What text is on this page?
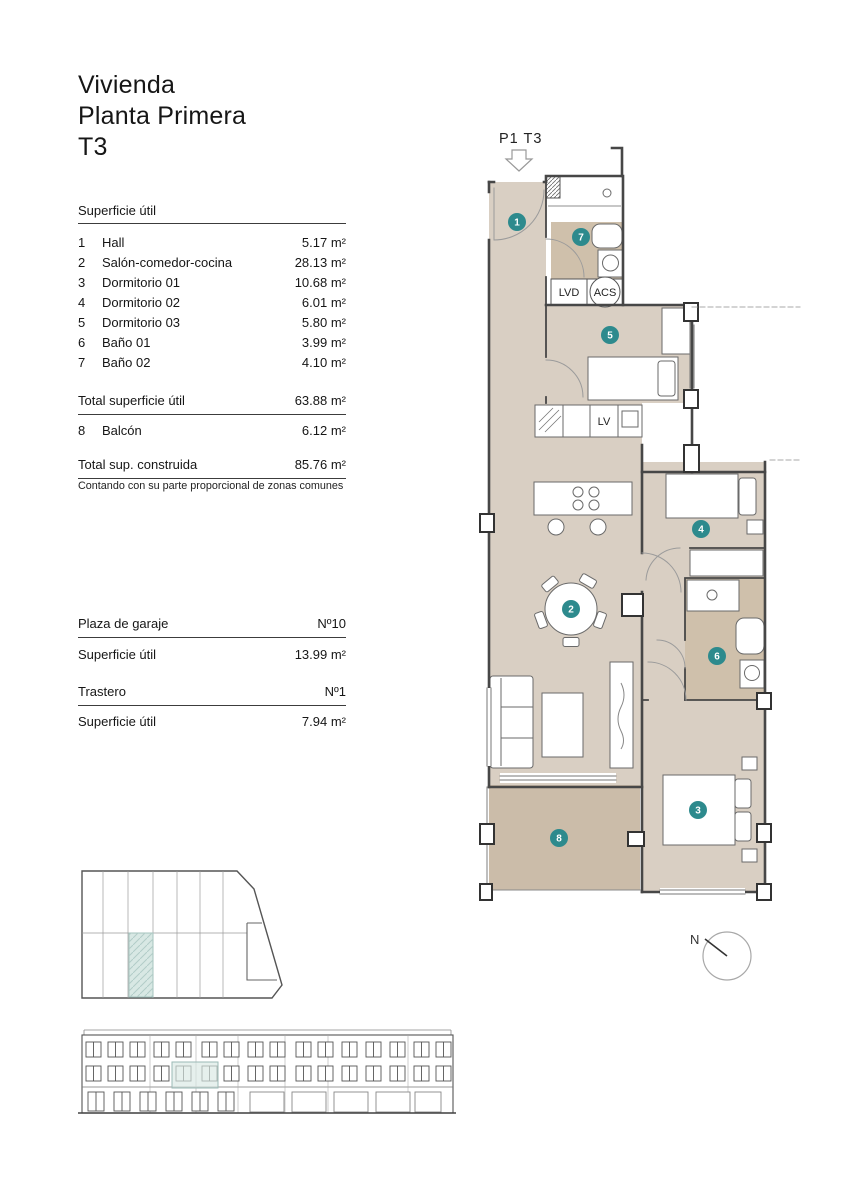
Vivienda
Planta Primera
T3
Superficie útil
1	Hall	5.17 m²
2	Salón-comedor-cocina	28.13 m²
3	Dormitorio 01	10.68 m²
4	Dormitorio 02	6.01 m²
5	Dormitorio 03	5.80 m²
6	Baño 01	3.99 m²
7	Baño 02	4.10 m²
Total superficie útil	63.88 m²
8	Balcón	6.12 m²
Total sup. construida	85.76 m²
Contando con su parte proporcional de zonas comunes
Plaza de garaje	Nº10
Superficie útil	13.99 m²
Trastero	Nº1
Superficie útil	7.94 m²
P1 T3
LVD ACS
LV
1
7
5
2
4
6
3
8
N
